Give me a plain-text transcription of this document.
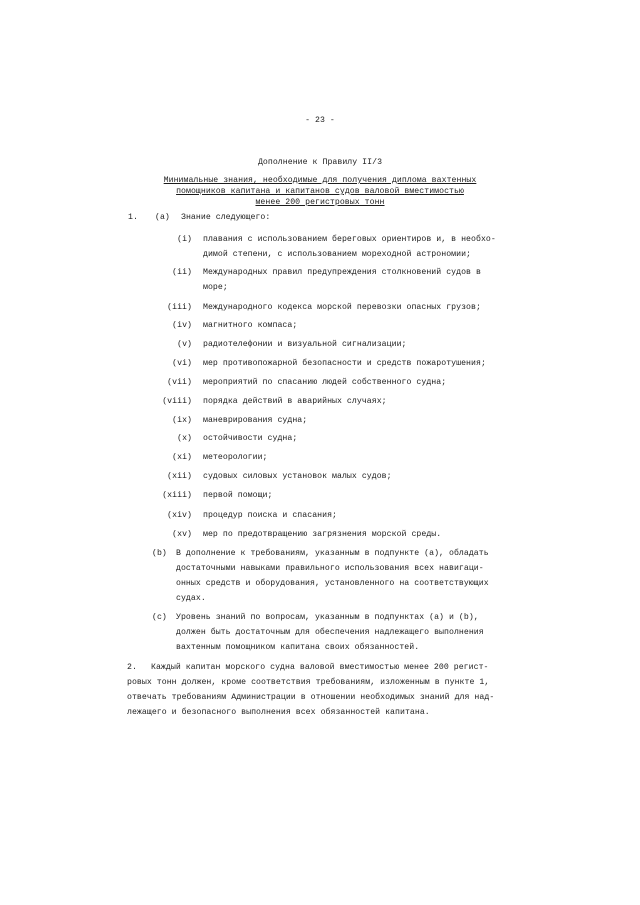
- 23 -
Дополнение к Правилу II/3
Минимальные знания, необходимые для получения диплома вахтенных
помощников капитана и капитанов судов валовой вместимостью
менее 200 регистровых тонн
1. (a) Знание следующего:
(i) плавания с использованием береговых ориентиров и, в необхо-
димой степени, с использованием мореходной астрономии;
(ii) Международных правил предупреждения столкновений судов в
море;
(iii) Международного кодекса морской перевозки опасных грузов;
(iv) магнитного компаса;
(v) радиотелефонии и визуальной сигнализации;
(vi) мер противопожарной безопасности и средств пожаротушения;
(vii) мероприятий по спасанию людей собственного судна;
(viii) порядка действий в аварийных случаях;
(ix) маневрирования судна;
(x) остойчивости судна;
(xi) метеорологии;
(xii) судовых силовых установок малых судов;
(xiii) первой помощи;
(xiv) процедур поиска и спасания;
(xv) мер по предотвращению загрязнения морской среды.
(b) В дополнение к требованиям, указанным в подпункте (a), обладать
достаточными навыками правильного использования всех навигаци-
онных средств и оборудования, установленного на соответствующих
судах.
(c) Уровень знаний по вопросам, указанным в подпунктах (a) и (b),
должен быть достаточным для обеспечения надлежащего выполнения
вахтенным помощником капитана своих обязанностей.
2. Каждый капитан морского судна валовой вместимостью менее 200 регист-
ровых тонн должен, кроме соответствия требованиям, изложенным в пункте 1,
отвечать требованиям Администрации в отношении необходимых знаний для над-
лежащего и безопасного выполнения всех обязанностей капитана.
